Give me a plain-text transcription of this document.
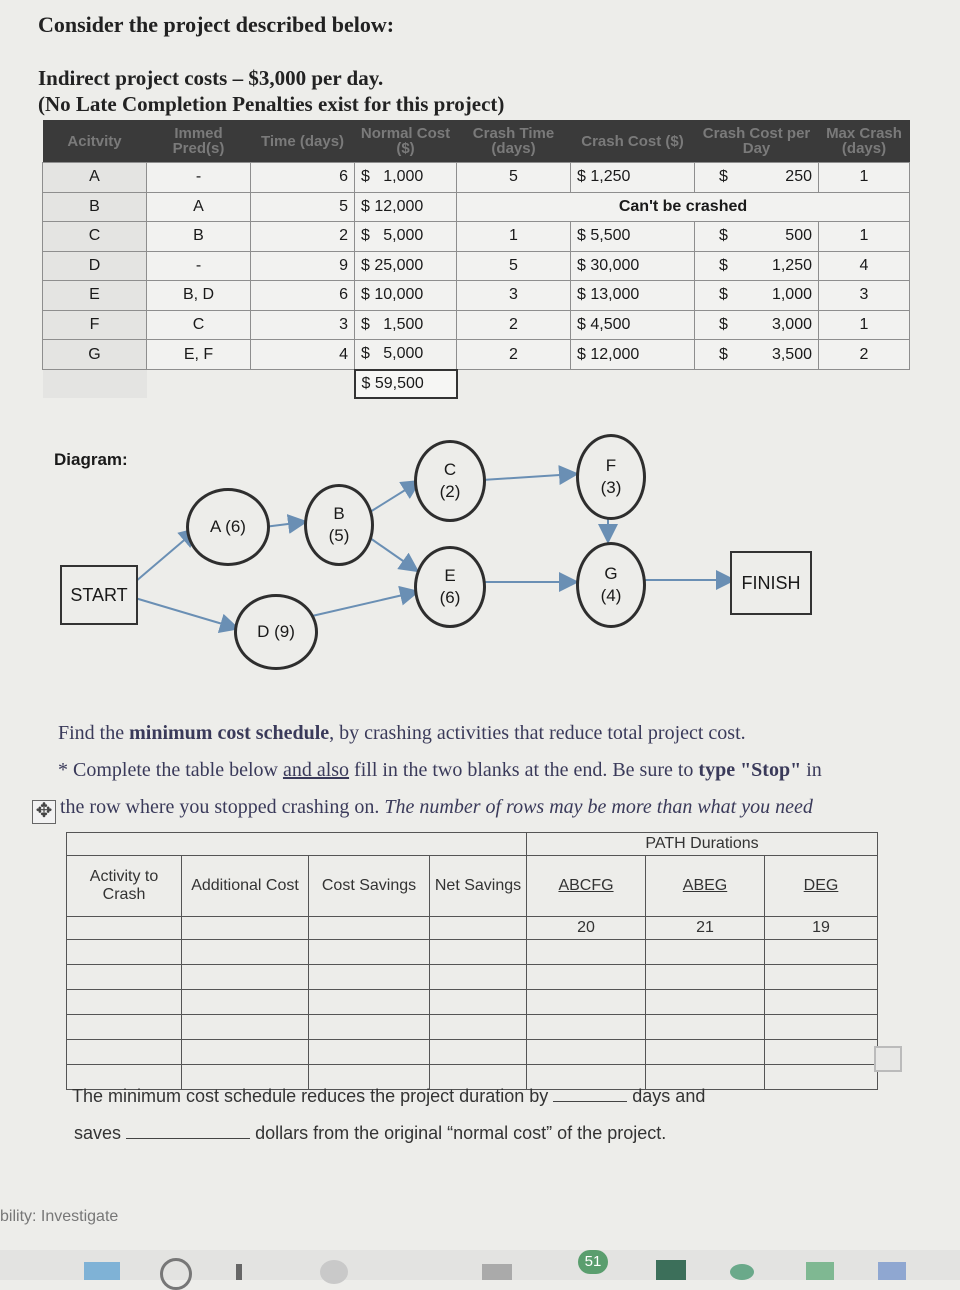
Consider the project described below:
Indirect project costs – $3,000 per day.
(No Late Completion Penalties exist for this project)
Acitvity	Immed Pred(s)	Time (days)	Normal Cost ($)	Crash Time (days)	Crash Cost ($)	Crash Cost per Day	Max Crash (days)
A	-	6	$   1,000	5	$ 1,250	$ 250	1
B	A	5	$ 12,000	Can't be crashed			
C	B	2	$   5,000	1	$ 5,500	$ 500	1
D	-	9	$ 25,000	5	$ 30,000	$ 1,250	4
E	B, D	6	$ 10,000	3	$ 13,000	$ 1,000	3
F	C	3	$   1,500	2	$ 4,500	$ 3,000	1
G	E, F	4	$   5,000	2	$ 12,000	$ 3,500	2
			$ 59,500				
Diagram:
START
FINISH
A (6)
B
(5)
C
(2)
D (9)
E
(6)
F
(3)
G
(4)
Find the minimum cost schedule, by crashing activities that reduce total project cost.
* Complete the table below and also fill in the two blanks at the end. Be sure to type "Stop" in
✥ the row where you stopped crashing on. The number of rows may be more than what you need
				PATH Durations		
Activity to Crash	Additional Cost	Cost Savings	Net Savings	ABCFG	ABEG	DEG
				20	21	19

The minimum cost schedule reduces the project duration by	days and
saves	dollars from the original “normal cost” of the project.
bility: Investigate
51
